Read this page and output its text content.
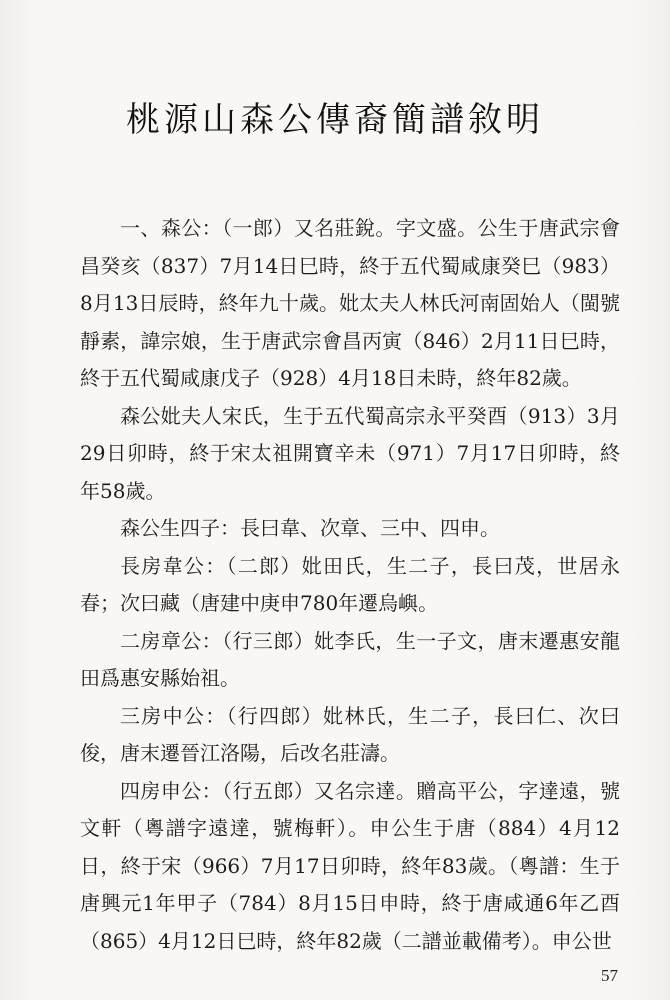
桃源山森公傳裔簡譜敘明

一、森公：（一郎）又名莊銳。字文盛。公生于唐武宗會昌癸亥（837）7月14日巳時，終于五代蜀咸康癸巳（983）8月13日辰時，終年九十歲。妣太夫人林氏河南固始人（閩號靜素，諱宗娘，生于唐武宗會昌丙寅（846）2月11日巳時，終于五代蜀咸康戊子（928）4月18日未時，終年82歲。

森公妣夫人宋氏，生于五代蜀高宗永平癸酉（913）3月29日卯時，終于宋太祖開寶辛未（971）7月17日卯時，終年58歲。

森公生四子：長曰韋、次章、三中、四申。

長房韋公：（二郎）妣田氏，生二子，長曰茂，世居永春；次曰藏（唐建中庚申780年遷烏嶼。

二房章公：（行三郎）妣李氏，生一子文，唐末遷惠安龍田爲惠安縣始祖。

三房中公：（行四郎）妣林氏，生二子，長曰仁、次曰俊，唐末遷晉江洛陽，后改名莊濤。

四房申公：（行五郎）又名宗達。贈高平公，字達遠，號文軒（粵譜字遠達，號梅軒）。申公生于唐（884）4月12日，終于宋（966）7月17日卯時，終年83歲。（粵譜：生于唐興元1年甲子（784）8月15日申時，終于唐咸通6年乙酉（865）4月12日巳時，終年82歲（二譜並載備考）。申公世

57
